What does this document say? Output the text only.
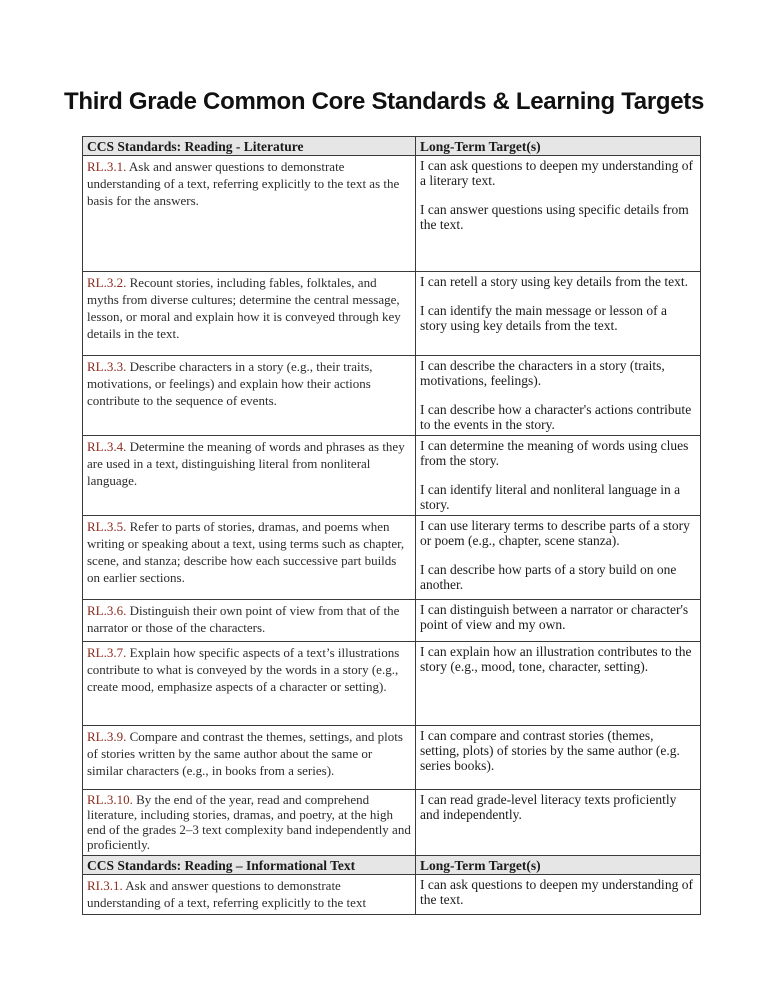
Third Grade Common Core Standards & Learning Targets
CCS Standards: Reading - Literature	Long-Term Target(s)
RL.3.1. Ask and answer questions to demonstrate understanding of a text, referring explicitly to the text as the basis for the answers.	I can ask questions to deepen my understanding of a literary text.
I can answer questions using specific details from the text.

RL.3.2. Recount stories, including fables, folktales, and myths from diverse cultures; determine the central message, lesson, or moral and explain how it is conveyed through key details in the text.	I can retell a story using key details from the text.
I can identify the main message or lesson of a story using key details from the text.

RL.3.3. Describe characters in a story (e.g., their traits, motivations, or feelings) and explain how their actions contribute to the sequence of events.	I can describe the characters in a story (traits, motivations, feelings).
I can describe how a character's actions contribute to the events in the story.

RL.3.4. Determine the meaning of words and phrases as they are used in a text, distinguishing literal from nonliteral language.	I can determine the meaning of words using clues from the story.
I can identify literal and nonliteral language in a story.

RL.3.5. Refer to parts of stories, dramas, and poems when writing or speaking about a text, using terms such as chapter, scene, and stanza; describe how each successive part builds on earlier sections.	I can use literary terms to describe parts of a story or poem (e.g., chapter, scene stanza).
I can describe how parts of a story build on one another.

RL.3.6. Distinguish their own point of view from that of the narrator or those of the characters.	I can distinguish between a narrator or character's point of view and my own.

RL.3.7. Explain how specific aspects of a text’s illustrations contribute to what is conveyed by the words in a story (e.g., create mood, emphasize aspects of a character or setting).	I can explain how an illustration contributes to the story (e.g., mood, tone, character, setting).

RL.3.9. Compare and contrast the themes, settings, and plots of stories written by the same author about the same or similar characters (e.g., in books from a series).	I can compare and contrast stories (themes, setting, plots) of stories by the same author (e.g. series books).

RL.3.10. By the end of the year, read and comprehend literature, including stories, dramas, and poetry, at the high end of the grades 2–3 text complexity band independently and proficiently.	I can read grade-level literacy texts proficiently and independently.

CCS Standards: Reading – Informational Text	Long-Term Target(s)

RI.3.1. Ask and answer questions to demonstrate understanding of a text, referring explicitly to the text	I can ask questions to deepen my understanding of the text.
